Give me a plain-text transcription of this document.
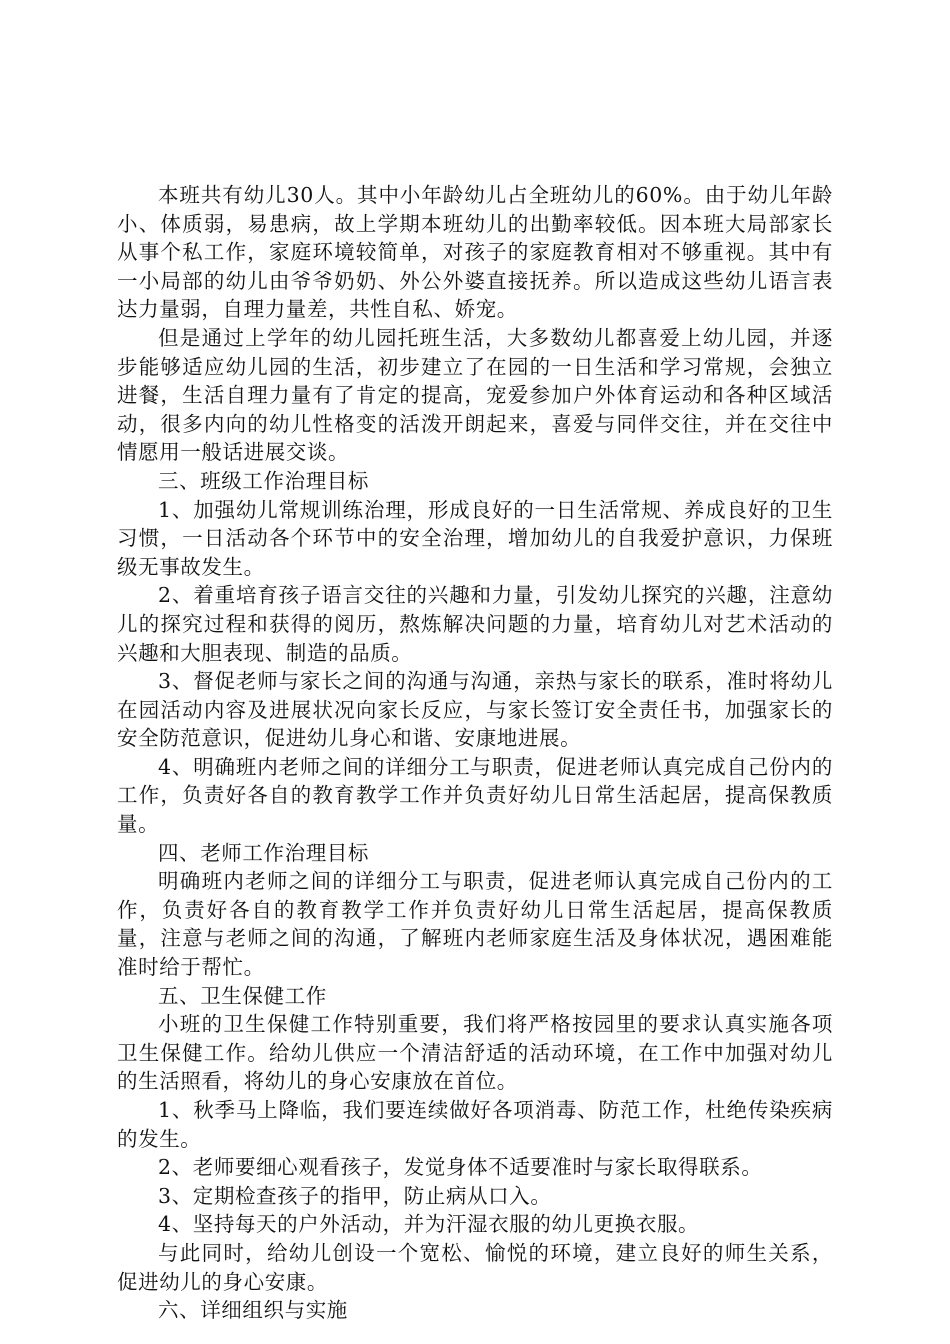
本班共有幼儿30人。其中小年龄幼儿占全班幼儿的60%。由于幼儿年龄小、体质弱，易患病，故上学期本班幼儿的出勤率较低。因本班大局部家长从事个私工作，家庭环境较简单，对孩子的家庭教育相对不够重视。其中有一小局部的幼儿由爷爷奶奶、外公外婆直接抚养。所以造成这些幼儿语言表达力量弱，自理力量差，共性自私、娇宠。

但是通过上学年的幼儿园托班生活，大多数幼儿都喜爱上幼儿园，并逐步能够适应幼儿园的生活，初步建立了在园的一日生活和学习常规，会独立进餐，生活自理力量有了肯定的提高，宠爱参加户外体育运动和各种区域活动，很多内向的幼儿性格变的活泼开朗起来，喜爱与同伴交往，并在交往中情愿用一般话进展交谈。

三、班级工作治理目标

1、加强幼儿常规训练治理，形成良好的一日生活常规、养成良好的卫生习惯，一日活动各个环节中的安全治理，增加幼儿的自我爱护意识，力保班级无事故发生。

2、着重培育孩子语言交往的兴趣和力量，引发幼儿探究的兴趣，注意幼儿的探究过程和获得的阅历，熬炼解决问题的力量，培育幼儿对艺术活动的兴趣和大胆表现、制造的品质。

3、督促老师与家长之间的沟通与沟通，亲热与家长的联系，准时将幼儿在园活动内容及进展状况向家长反应，与家长签订安全责任书，加强家长的安全防范意识，促进幼儿身心和谐、安康地进展。

4、明确班内老师之间的详细分工与职责，促进老师认真完成自己份内的工作，负责好各自的教育教学工作并负责好幼儿日常生活起居，提高保教质量。

四、老师工作治理目标

明确班内老师之间的详细分工与职责，促进老师认真完成自己份内的工作，负责好各自的教育教学工作并负责好幼儿日常生活起居，提高保教质量，注意与老师之间的沟通，了解班内老师家庭生活及身体状况，遇困难能准时给于帮忙。

五、卫生保健工作

小班的卫生保健工作特别重要，我们将严格按园里的要求认真实施各项卫生保健工作。给幼儿供应一个清洁舒适的活动环境，在工作中加强对幼儿的生活照看，将幼儿的身心安康放在首位。

1、秋季马上降临，我们要连续做好各项消毒、防范工作，杜绝传染疾病的发生。

2、老师要细心观看孩子，发觉身体不适要准时与家长取得联系。

3、定期检查孩子的指甲，防止病从口入。

4、坚持每天的户外活动，并为汗湿衣服的幼儿更换衣服。

与此同时，给幼儿创设一个宽松、愉悦的环境，建立良好的师生关系，促进幼儿的身心安康。

六、详细组织与实施
